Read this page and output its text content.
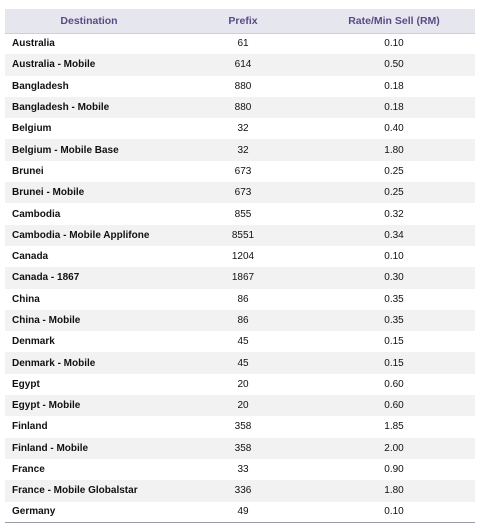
Destination	Prefix	Rate/Min Sell (RM)
Australia	61	0.10
Australia - Mobile	614	0.50
Bangladesh	880	0.18
Bangladesh - Mobile	880	0.18
Belgium	32	0.40
Belgium - Mobile Base	32	1.80
Brunei	673	0.25
Brunei - Mobile	673	0.25
Cambodia	855	0.32
Cambodia - Mobile Applifone	8551	0.34
Canada	1204	0.10
Canada - 1867	1867	0.30
China	86	0.35
China - Mobile	86	0.35
Denmark	45	0.15
Denmark - Mobile	45	0.15
Egypt	20	0.60
Egypt - Mobile	20	0.60
Finland	358	1.85
Finland - Mobile	358	2.00
France	33	0.90
France - Mobile Globalstar	336	1.80
Germany	49	0.10
